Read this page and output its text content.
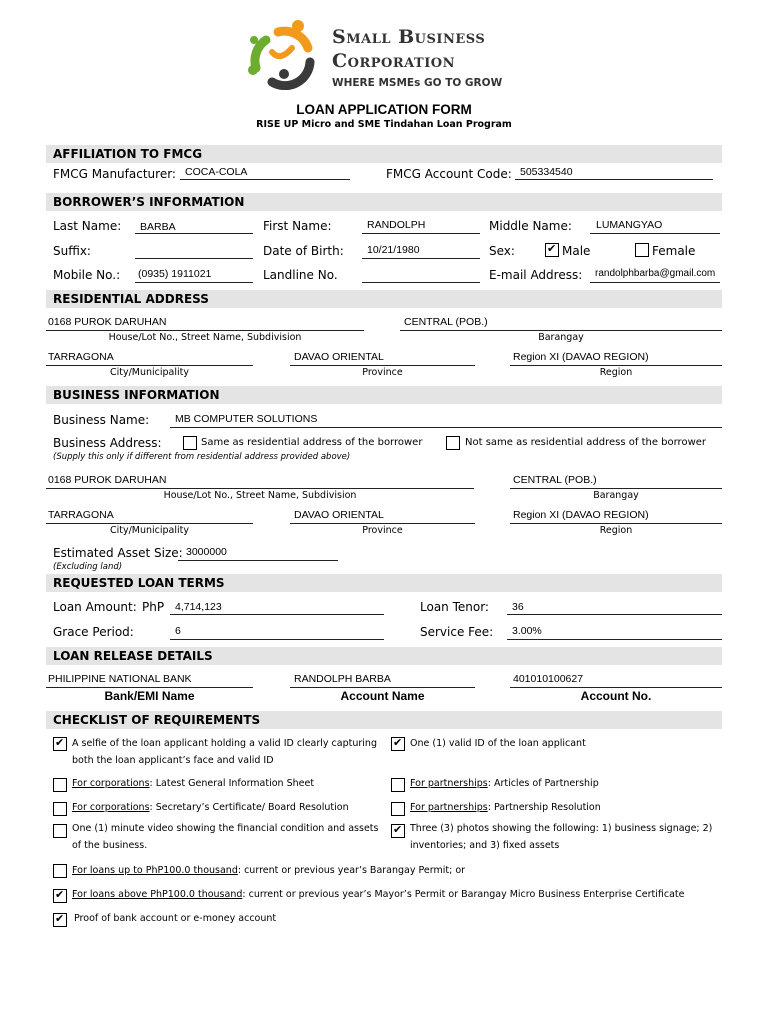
Small Business
Corporation
WHERE MSMEs GO TO GROW
LOAN APPLICATION FORM
RISE UP Micro and SME Tindahan Loan Program
AFFILIATION TO FMCG
FMCG Manufacturer: COCA-COLA	FMCG Account Code: 505334540
BORROWER’S INFORMATION
Last Name: BARBA	First Name:	RANDOLPH	Middle Name: LUMANGYAO
Suffix:	Date of Birth: 10/21/1980	Sex:	✔ Male	Female
Mobile No.: (0935) 1911021	Landline No.	E-mail Address: randolphbarba@gmail.com
RESIDENTIAL ADDRESS
0168 PUROK DARUHAN
House/Lot No., Street Name, Subdivision
CENTRAL (POB.)
Barangay
TARRAGONA
City/Municipality
DAVAO ORIENTAL
Province
Region XI (DAVAO REGION)
Region
BUSINESS INFORMATION
Business Name: MB COMPUTER SOLUTIONS
Business Address:	Same as residential address of the borrower	Not same as residential address of the borrower
(Supply this only if different from residential address provided above)
0168 PUROK DARUHAN
House/Lot No., Street Name, Subdivision
CENTRAL (POB.)
Barangay
TARRAGONA
City/Municipality
DAVAO ORIENTAL
Province
Region XI (DAVAO REGION)
Region
Estimated Asset Size: 3000000
(Excluding land)
REQUESTED LOAN TERMS
Loan Amount: PhP 4,714,123	Loan Tenor: 36
Grace Period:	6	Service Fee: 3.00%
LOAN RELEASE DETAILS
PHILIPPINE NATIONAL BANK
Bank/EMI Name
RANDOLPH BARBA
Account Name
401010100627
Account No.
CHECKLIST OF REQUIREMENTS
✔ A selfie of the loan applicant holding a valid ID clearly capturing
both the loan applicant’s face and valid ID
✔ One (1) valid ID of the loan applicant
For corporations: Latest General Information Sheet	For partnerships: Articles of Partnership
For corporations: Secretary’s Certificate/ Board Resolution	For partnerships: Partnership Resolution
One (1) minute video showing the financial condition and assets
of the business.
✔ Three (3) photos showing the following: 1) business signage; 2)
inventories; and 3) fixed assets
For loans up to PhP100.0 thousand: current or previous year’s Barangay Permit; or
✔ For loans above PhP100.0 thousand: current or previous year’s Mayor’s Permit or Barangay Micro Business Enterprise Certificate
✔ Proof of bank account or e-money account
